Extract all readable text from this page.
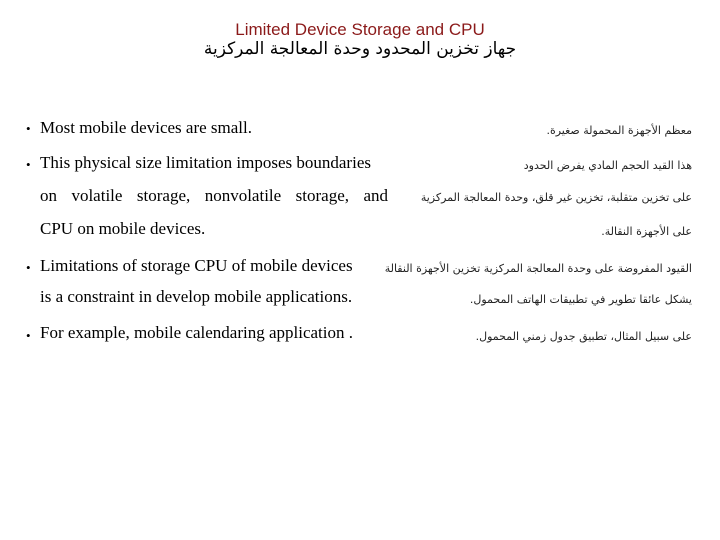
Limited Device Storage and CPU
جهاز تخزين المحدود وحدة المعالجة المركزية
• Most mobile devices are small.
• This physical size limitation imposes boundaries
on volatile storage, nonvolatile storage, and
CPU on mobile devices.
• Limitations of storage CPU of mobile devices
is a constraint in develop mobile applications.
• For example, mobile calendaring application .
معظم الأجهزة المحمولة صغيرة.
هذا القيد الحجم المادي يفرض الحدود
على تخزين متقلبة، تخزين غير قلق، وحدة المعالجة المركزية
على الأجهزة النقالة.
القيود المفروضة على وحدة المعالجة المركزية تخزين الأجهزة النقالة
يشكل عائقا تطوير في تطبيقات الهاتف المحمول.
على سبيل المثال، تطبيق جدول زمني المحمول.
